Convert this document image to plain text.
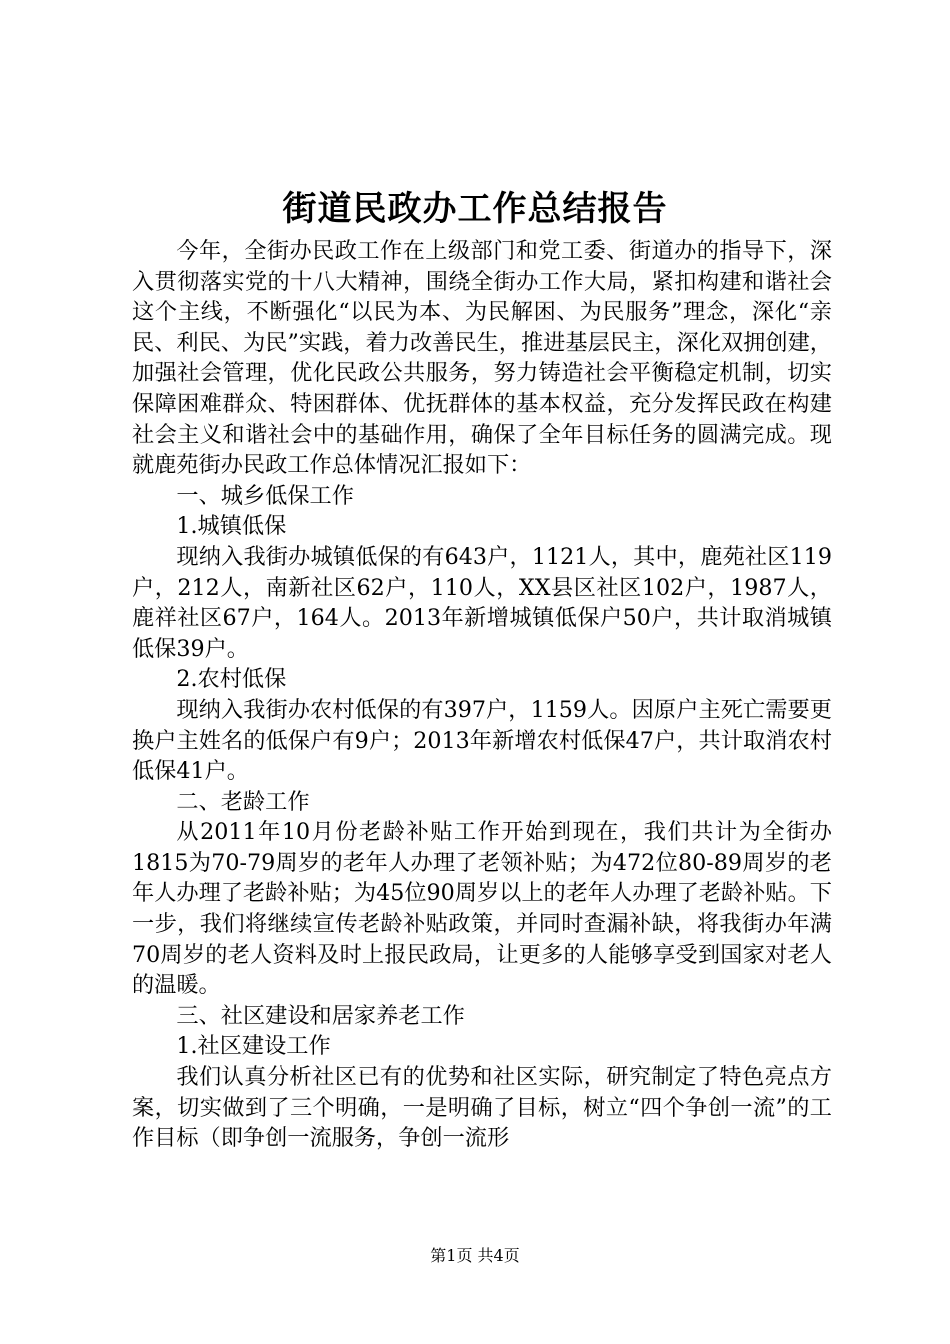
街道民政办工作总结报告

今年，全街办民政工作在上级部门和党工委、街道办的指导下，深入贯彻落实党的十八大精神，围绕全街办工作大局，紧扣构建和谐社会这个主线，不断强化“以民为本、为民解困、为民服务”理念，深化“亲民、利民、为民”实践，着力改善民生，推进基层民主，深化双拥创建，加强社会管理，优化民政公共服务，努力铸造社会平衡稳定机制，切实保障困难群众、特困群体、优抚群体的基本权益，充分发挥民政在构建社会主义和谐社会中的基础作用，确保了全年目标任务的圆满完成。现就鹿苑街办民政工作总体情况汇报如下：

一、城乡低保工作

1.城镇低保

现纳入我街办城镇低保的有643户，1121人，其中，鹿苑社区119户，212人，南新社区62户，110人，XX县区社区102户，1987人，鹿祥社区67户，164人。2013年新增城镇低保户50户，共计取消城镇低保39户。

2.农村低保

现纳入我街办农村低保的有397户，1159人。因原户主死亡需要更换户主姓名的低保户有9户；2013年新增农村低保47户，共计取消农村低保41户。

二、老龄工作

从2011年10月份老龄补贴工作开始到现在，我们共计为全街办1815为70-79周岁的老年人办理了老领补贴；为472位80-89周岁的老年人办理了老龄补贴；为45位90周岁以上的老年人办理了老龄补贴。下一步，我们将继续宣传老龄补贴政策，并同时查漏补缺，将我街办年满70周岁的老人资料及时上报民政局，让更多的人能够享受到国家对老人的温暖。

三、社区建设和居家养老工作

1.社区建设工作

我们认真分析社区已有的优势和社区实际，研究制定了特色亮点方案，切实做到了三个明确，一是明确了目标，树立“四个争创一流”的工作目标（即争创一流服务，争创一流形

第1页 共4页
